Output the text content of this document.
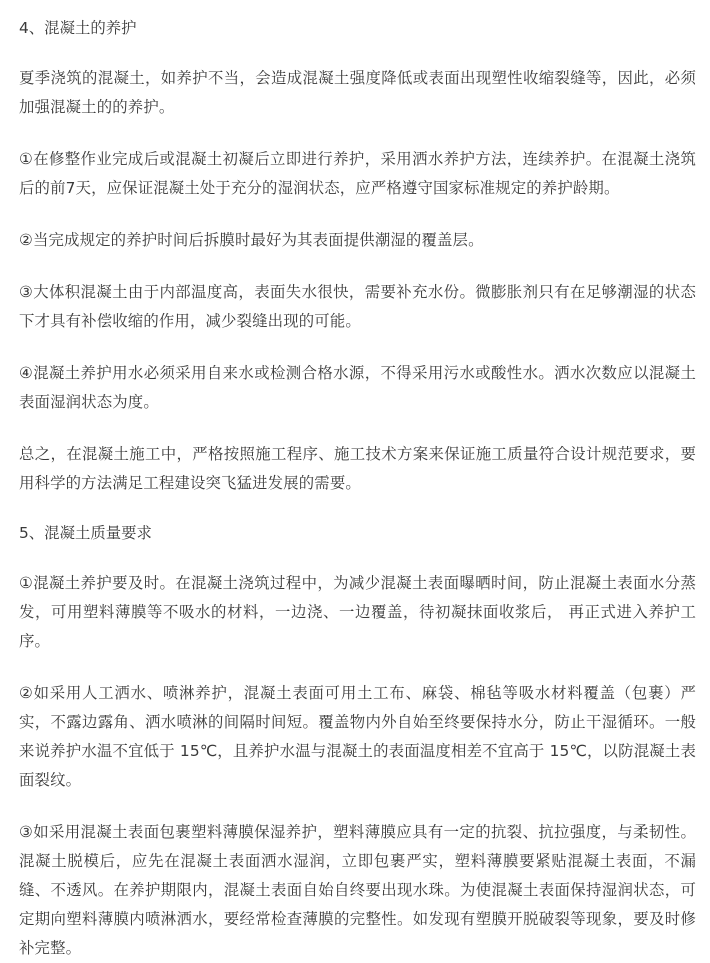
4、混凝土的养护

夏季浇筑的混凝土，如养护不当，会造成混凝土强度降低或表面出现塑性收缩裂缝等，因此，必须加强混凝土的的养护。

①在修整作业完成后或混凝土初凝后立即进行养护，采用洒水养护方法，连续养护。在混凝土浇筑后的前7天，应保证混凝土处于充分的湿润状态，应严格遵守国家标准规定的养护龄期。

②当完成规定的养护时间后拆膜时最好为其表面提供潮湿的覆盖层。

③大体积混凝土由于内部温度高，表面失水很快，需要补充水份。微膨胀剂只有在足够潮湿的状态下才具有补偿收缩的作用，减少裂缝出现的可能。

④混凝土养护用水必须采用自来水或检测合格水源，不得采用污水或酸性水。洒水次数应以混凝土表面湿润状态为度。

总之，在混凝土施工中，严格按照施工程序、施工技术方案来保证施工质量符合设计规范要求，要用科学的方法满足工程建设突飞猛进发展的需要。

5、混凝土质量要求

①混凝土养护要及时。在混凝土浇筑过程中，为减少混凝土表面曝晒时间，防止混凝土表面水分蒸发，可用塑料薄膜等不吸水的材料，一边浇、一边覆盖，待初凝抹面收浆后， 再正式进入养护工序。

②如采用人工洒水、喷淋养护，混凝土表面可用土工布、麻袋、棉毡等吸水材料覆盖（包裹）严实，不露边露角、洒水喷淋的间隔时间短。覆盖物内外自始至终要保持水分，防止干湿循环。一般来说养护水温不宜低于 15℃，且养护水温与混凝土的表面温度相差不宜高于 15℃，以防混凝土表面裂纹。

③如采用混凝土表面包裹塑料薄膜保湿养护，塑料薄膜应具有一定的抗裂、抗拉强度，与柔韧性。混凝土脱模后，应先在混凝土表面洒水湿润，立即包裹严实，塑料薄膜要紧贴混凝土表面，不漏缝、不透风。在养护期限内，混凝土表面自始自终要出现水珠。为使混凝土表面保持湿润状态，可定期向塑料薄膜内喷淋洒水，要经常检查薄膜的完整性。如发现有塑膜开脱破裂等现象，要及时修补完整。
